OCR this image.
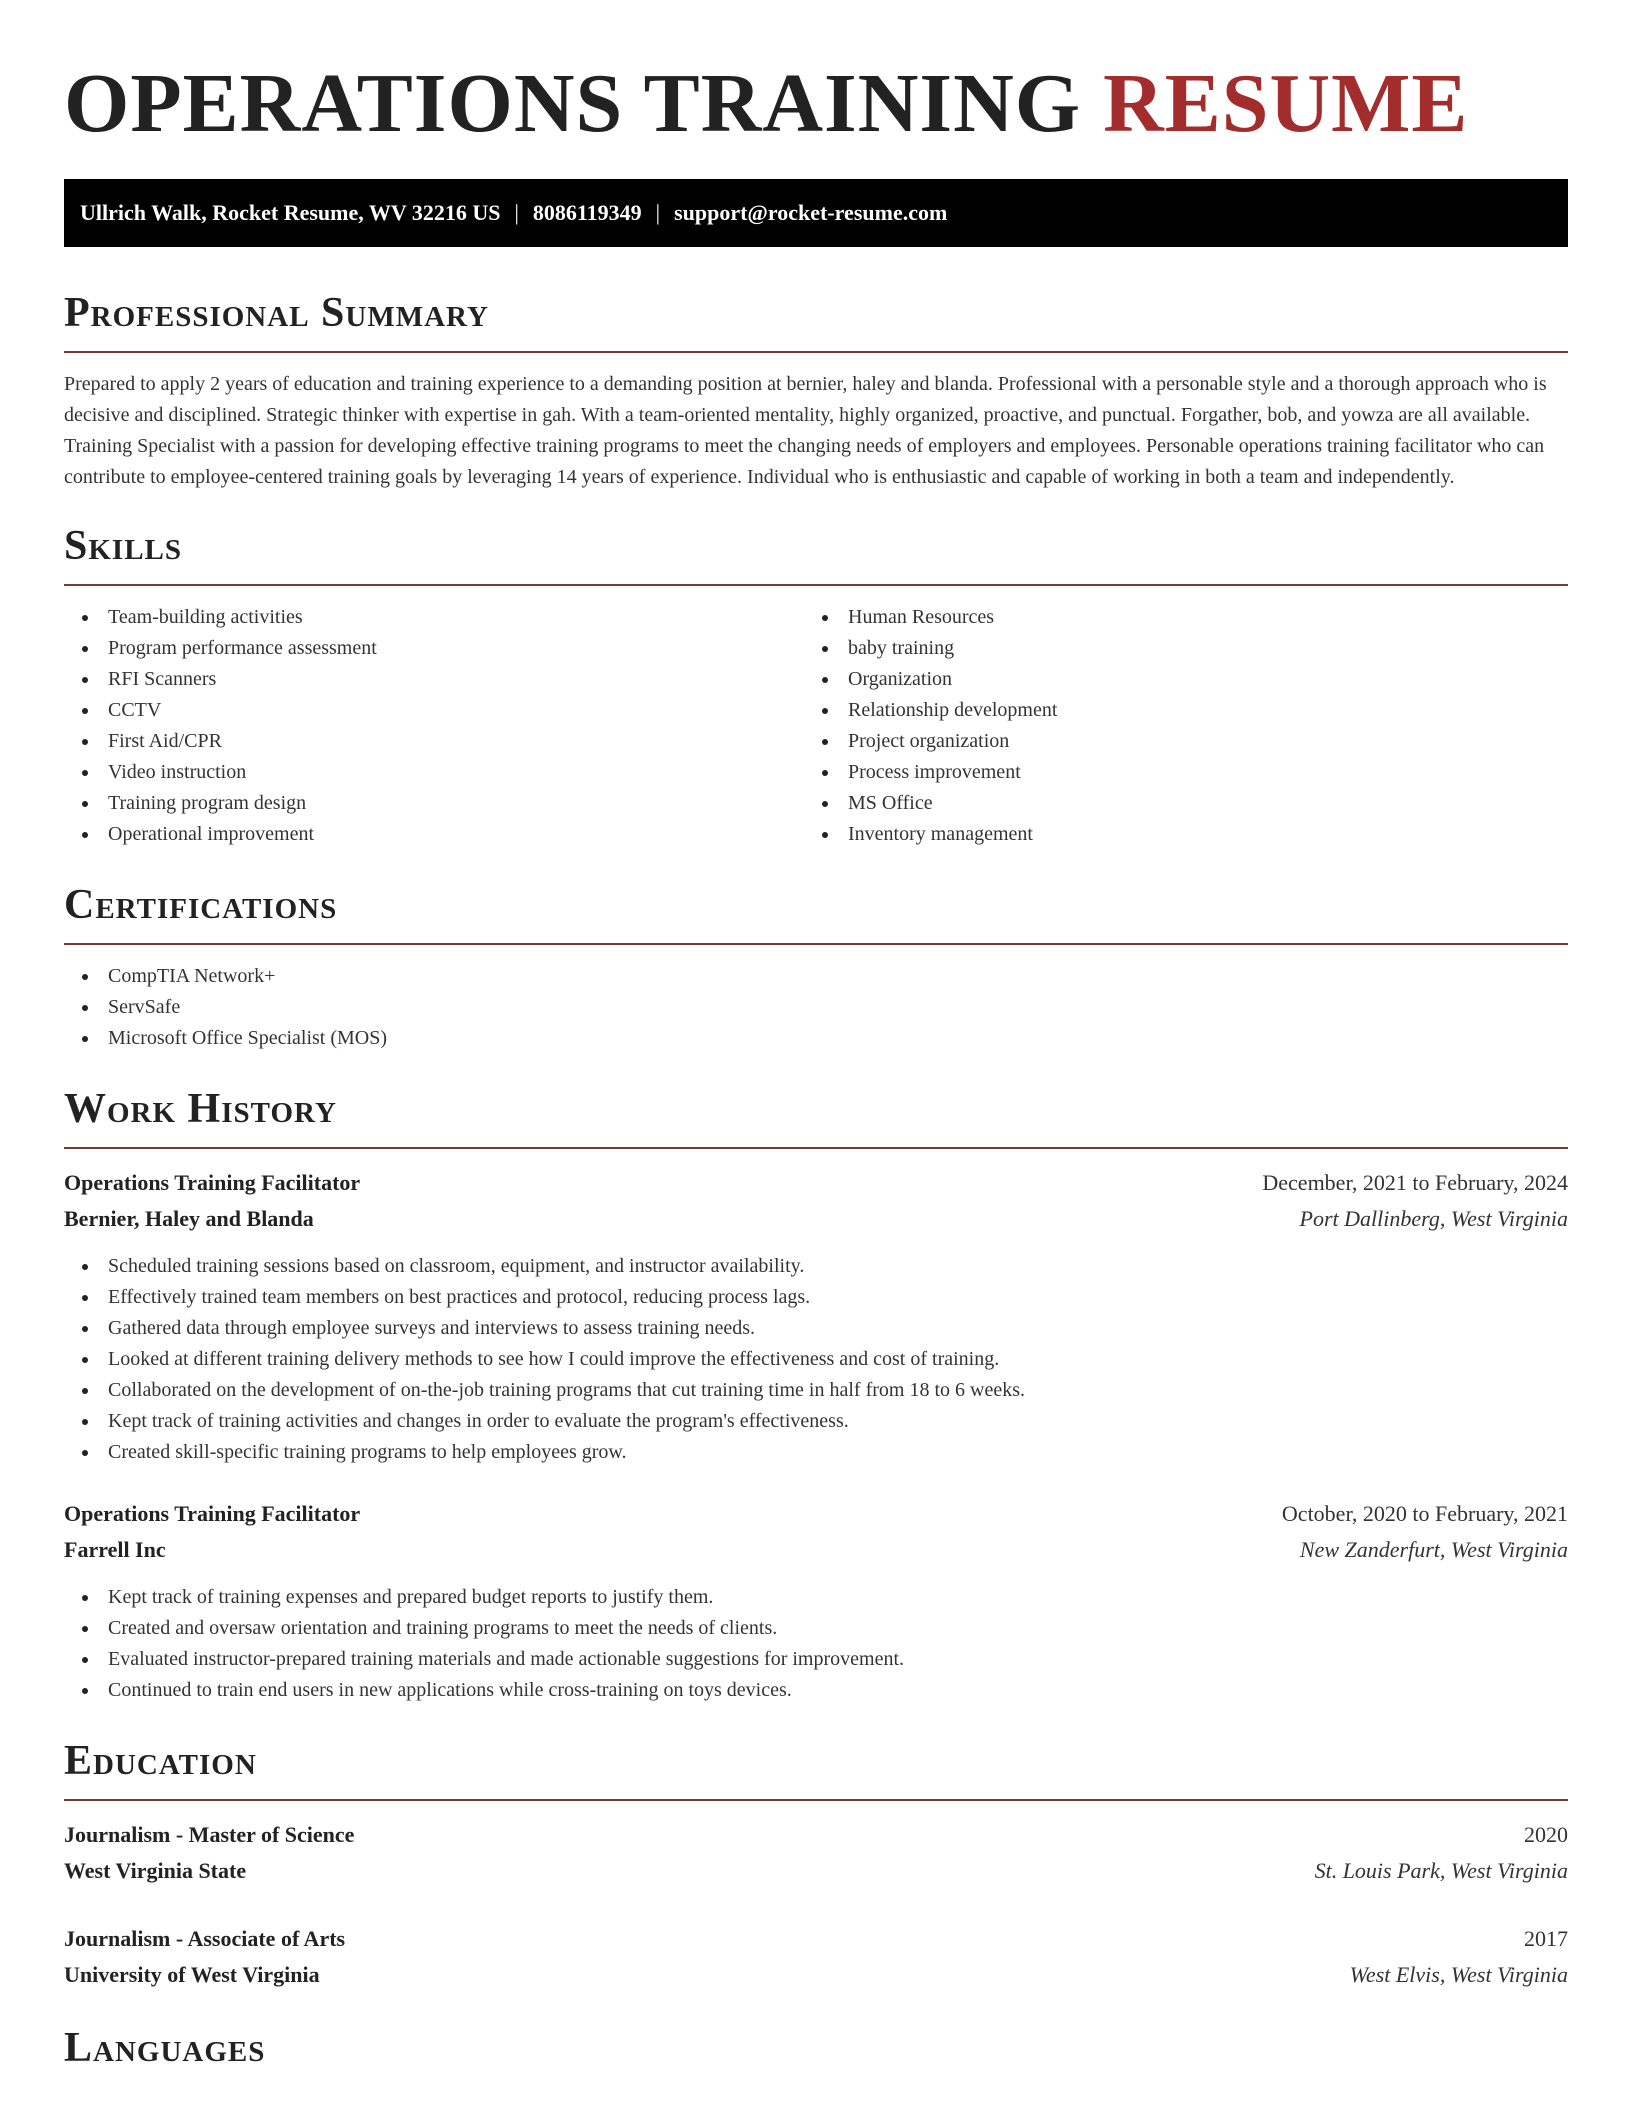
OPERATIONS TRAINING RESUME
Ullrich Walk, Rocket Resume, WV 32216 US | 8086119349 | support@rocket-resume.com
Professional Summary

Prepared to apply 2 years of education and training experience to a demanding position at bernier, haley and blanda. Professional with a personable style and a thorough approach who is decisive and disciplined. Strategic thinker with expertise in gah. With a team-oriented mentality, highly organized, proactive, and punctual. Forgather, bob, and yowza are all available. Training Specialist with a passion for developing effective training programs to meet the changing needs of employers and employees. Personable operations training facilitator who can contribute to employee-centered training goals by leveraging 14 years of experience. Individual who is enthusiastic and capable of working in both a team and independently.

Skills
Team-building activities
Program performance assessment
RFI Scanners
CCTV
First Aid/CPR
Video instruction
Training program design
Operational improvement
Human Resources
baby training
Organization
Relationship development
Project organization
Process improvement
MS Office
Inventory management
Certifications
CompTIA Network+
ServSafe
Microsoft Office Specialist (MOS)
Work History
Operations Training Facilitator	December, 2021 to February, 2024
Bernier, Haley and Blanda	Port Dallinberg, West Virginia
Scheduled training sessions based on classroom, equipment, and instructor availability.
Effectively trained team members on best practices and protocol, reducing process lags.
Gathered data through employee surveys and interviews to assess training needs.
Looked at different training delivery methods to see how I could improve the effectiveness and cost of training.
Collaborated on the development of on-the-job training programs that cut training time in half from 18 to 6 weeks.
Kept track of training activities and changes in order to evaluate the program's effectiveness.
Created skill-specific training programs to help employees grow.
Operations Training Facilitator	October, 2020 to February, 2021
Farrell Inc	New Zanderfurt, West Virginia
Kept track of training expenses and prepared budget reports to justify them.
Created and oversaw orientation and training programs to meet the needs of clients.
Evaluated instructor-prepared training materials and made actionable suggestions for improvement.
Continued to train end users in new applications while cross-training on toys devices.
Education
Journalism - Master of Science	2020
West Virginia State	St. Louis Park, West Virginia
Journalism - Associate of Arts	2017
University of West Virginia	West Elvis, West Virginia
Languages
